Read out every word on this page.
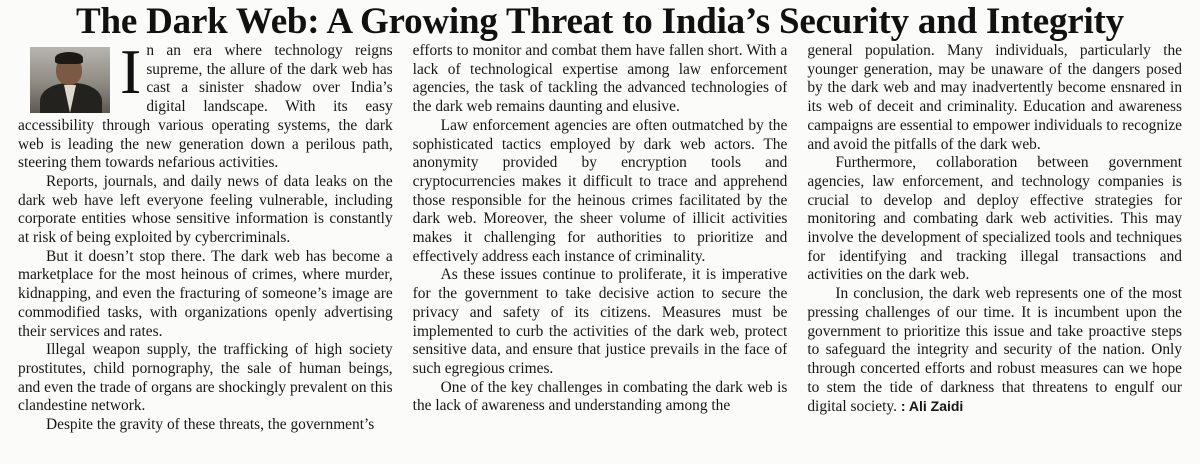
The Dark Web: A Growing Threat to India’s Security and Integrity
I n an era where technology reigns supreme, the allure of the dark web has cast a sinister shadow over India’s digital landscape. With its easy accessibility through various operating systems, the dark web is leading the new generation down a perilous path, steering them towards nefarious activities.

Reports, journals, and daily news of data leaks on the dark web have left everyone feeling vulnerable, including corporate entities whose sensitive information is constantly at risk of being exploited by cybercriminals.

But it doesn’t stop there. The dark web has become a marketplace for the most heinous of crimes, where murder, kidnapping, and even the fracturing of someone’s image are commodified tasks, with organizations openly advertising their services and rates.

Illegal weapon supply, the trafficking of high society prostitutes, child pornography, the sale of human beings, and even the trade of organs are shockingly prevalent on this clandestine network.

Despite the gravity of these threats, the government’s

efforts to monitor and combat them have fallen short. With a lack of technological expertise among law enforcement agencies, the task of tackling the advanced technologies of the dark web remains daunting and elusive.

Law enforcement agencies are often outmatched by the sophisticated tactics employed by dark web actors. The anonymity provided by encryption tools and cryptocurrencies makes it difficult to trace and apprehend those responsible for the heinous crimes facilitated by the dark web. Moreover, the sheer volume of illicit activities makes it challenging for authorities to prioritize and effectively address each instance of criminality.

As these issues continue to proliferate, it is imperative for the government to take decisive action to secure the privacy and safety of its citizens. Measures must be implemented to curb the activities of the dark web, protect sensitive data, and ensure that justice prevails in the face of such egregious crimes.

One of the key challenges in combating the dark web is the lack of awareness and understanding among the

general population. Many individuals, particularly the younger generation, may be unaware of the dangers posed by the dark web and may inadvertently become ensnared in its web of deceit and criminality. Education and awareness campaigns are essential to empower individuals to recognize and avoid the pitfalls of the dark web.

Furthermore, collaboration between government agencies, law enforcement, and technology companies is crucial to develop and deploy effective strategies for monitoring and combating dark web activities. This may involve the development of specialized tools and techniques for identifying and tracking illegal transactions and activities on the dark web.

In conclusion, the dark web represents one of the most pressing challenges of our time. It is incumbent upon the government to prioritize this issue and take proactive steps to safeguard the integrity and security of the nation. Only through concerted efforts and robust measures can we hope to stem the tide of darkness that threatens to engulf our digital society. : Ali Zaidi
